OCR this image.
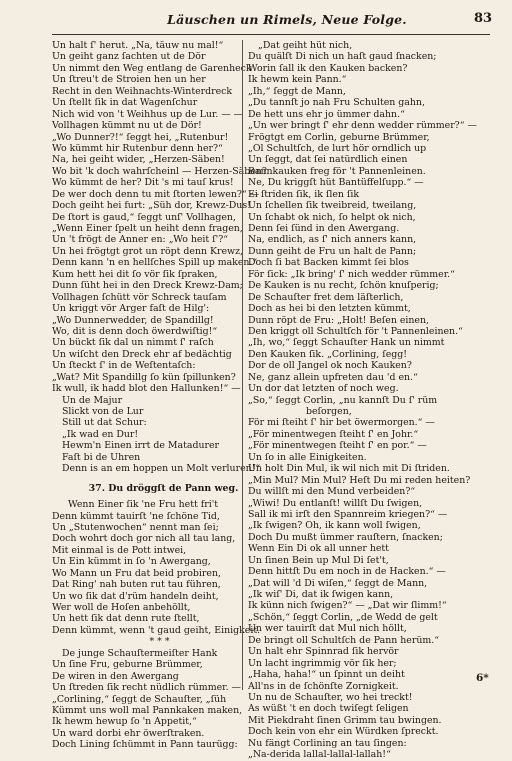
Läuschen un Rimels, Neue Folge.	83
Un halt ſ' herut. „Na, täuw nu mal!“
Un geiht ganz ſachten ut de Dör
Un nimmt den Weg entlang de Garenheck
Un ſtreu't de Stroien hen un her
Recht in den Weihnachts-Winterdreck
Un ſtellt ſik in dat Wagenſchur
Nich wid von 't Weihhus up de Lur. — —
Vollhagen kümmt nu ut de Dör!
„Wo Dunner?!“ ſeggt hei, „Rutenbur!
Wo kümmt hir Rutenbur denn her?“
Na, hei geiht wider, „Herzen-Säben!
Wo bit 'k doch wahrſcheinl — Herzen-Säben?
Wo kümmt de her? Dit 's mi tauſ krus!
De wer doch denn tu mit ſtorten lewen?“ —
Doch geiht hei furt: „Süh dor, Krewz-Dus!
De ſtort is gaud,“ ſeggt unſ' Vollhagen,
„Wenn Einer ſpelt un heiht denn fragen,
Un 't frögt de Anner en: „Wo heit ſ'?“
Un hei frögtgt grot un röpt denn Krewz,
Denn kann 'n en hellſches Spill up maken.“
Kum hett hei dit ſo vör ſik ſpraken,
Dunn ſüht hei in den Dreck Krewz-Dam;
Vollhagen ſchütt vör Schreck tauſam
Un kriggt vör Arger faſt de Hilg':
„Wo Dunnerwedder, de Spandillg!
Wo, dit is denn doch öwerdwiſtig!“
Un bückt ſik dal un nimmt ſ' raſch
Un wiſcht den Dreck ehr af bedächtig
Un ſteckt ſ' in de Weſtentaſch:
„Wat? Mit Spandillg ſo kün ſpillunken?
Ik wull, ik hadd blot den Hallunken!“ —
Un de Majur
Slickt von de Lur
Still ut dat Schur:
„Ik wad en Dur!
Hewm'n Einen irrt de Matadurer
Faſt bi de Uhren
Denn is an em hoppen un Molt verluren!“
37. Du dröggſt de Pann weg.
Wenn Einer ſik 'ne Fru hett fri't
Denn kümmt tauirſt 'ne ſchöne Tid,
Un „Stutenwochen“ nennt man ſei;
Doch wohrt doch gor nich all tau lang,
Mit einmal is de Pott intwei,
Un Ein kümmt in ſo 'n Awergang,
Wo Mann un Fru dat beid probiren,
Dat Ring' nah buten rut tau führen,
Un wo ſik dat d'rüm handeln deiht,
Wer woll de Hoſen anbehöllt,
Un hett ſik dat denn rute ſtellt,
Denn kümmt, wenn 't gaud geiht, Einigkeit.
* * *
De junge Schauſtermeiſter Hank
Un ſine Fru, geburne Brümmer,
De wiren in den Awergang
Un ſtreden ſik recht nüdlich rümmer. —
„Corlining,“ ſeggt de Schauſter, „ſüh
Kümmt uns woll mal Pannkaken maken,
Ik hewm hewup ſo 'n Appetit,“
Un ward dorbi ehr öwerſtraken.
Doch Lining ſchümmt in Pann taurügg:
„Dat geiht hüt nich,
Du quälſt Di nich un haſt gaud ſnacken;
Worin ſall ik den Kauken backen?
Ik hewm kein Pann.“
„Ih,“ ſeggt de Mann,
„Du tannſt jo nah Fru Schulten gahn,
De hett uns ehr jo ümmer dahn.“
„Un wer bringt ſ' ehr denn wedder rümmer?“ —
Frögtgt em Corlin, geburne Brümmer,
„Ol Schultſch, de lurt hör orndlich up
Un ſeggt, dat ſei natürdlich einen
Bannkauken freg för 't Pannenleinen.
Ne, Du kriggſt hüt Bantüffelſupp.“ —
Ei ſtriden ſik, ik ſlen ſik
Un ſchellen ſik tweibreid, tweilang,
Un ſchabt ok nich, ſo helpt ok nich,
Denn ſei ſünd in den Awergang.
Na, endlich, as ſ' nich anners kann,
Dunn geiht de Fru un halt de Pann;
Doch ſi bat Backen kimmt ſei blos
För ſick: „Ik bring' ſ' nich wedder rümmer.“
De Kauken is nu recht, ſchön knuſperig;
De Schauſter fret dem läſterlich,
Doch as hei bi den letzten kümmt,
Dunn röpt de Fru: „Holt! Beſen einen,
Den kriggt oll Schultſch för 't Pannenleinen.“
„Ih, wo,“ ſeggt Schauſter Hank un nimmt
Den Kauken ſik. „Corlining, ſegg!
Dor de oll Jangel ok noch Kauken?
Ne, ganz allein upfreten dau 'd en.“
Un dor dat letzten of noch weg.
„So,“ ſeggt Corlin, „nu kannſt Du ſ' rüm
beſorgen,
För mi ſteiht ſ' hir bet öwermorgen.“ —
„För minentwegen ſteiht ſ' en Johr.“
„För minentwegen ſteiht ſ' en por.“ —
Un ſo in alle Einigkeiten.
Un holt Din Mul, ik wil nich mit Di ſtriden.
„Min Mul? Min Mul? Heſt Du mi reden heiten?
Du willſt mi den Mund verbeiden?“
„Wiwi! Du entlanſt! willſt Du ſwigen,
Sall ik mi irſt den Spannreim kriegen?“ —
„Ik ſwigen? Oh, ik kann woll ſwigen,
Doch Du mußt ümmer rauſtern, ſnacken;
Wenn Ein Di ok all unner hett
Un ſinen Bein up Mul Di ſet't,
Denn hittſt Du em noch in de Hacken.“ —
„Dat will 'd Di wiſen,“ ſeggt de Mann,
„Ik wiſ' Di, dat ik ſwigen kann,
Ik künn nich ſwigen?“ — „Dat wir ſlimm!“
„Schön,“ ſeggt Corlin, „de Wedd de gelt
Un wer tauirſt dat Mul nich höllt,
De bringt oll Schultſch de Pann herüm.“
Un halt ehr Spinnrad ſik hervör
Un lacht ingrimmig vör ſik her;
„Haha, haha!“ un ſpinnt un deiht
All'ns in de ſchönſte Zornigkeit.
Un nu de Schauſter, wo hei treckt!
As wüßt 't en doch twiſegt ſeligen
Mit Piekdraht ſinen Grimm tau bwingen.
Doch kein von ehr ein Würdken ſpreckt.
Nu fängt Corlining an tau ſingen:
„Na-derida lallal-lallal-lallah!“
6*
